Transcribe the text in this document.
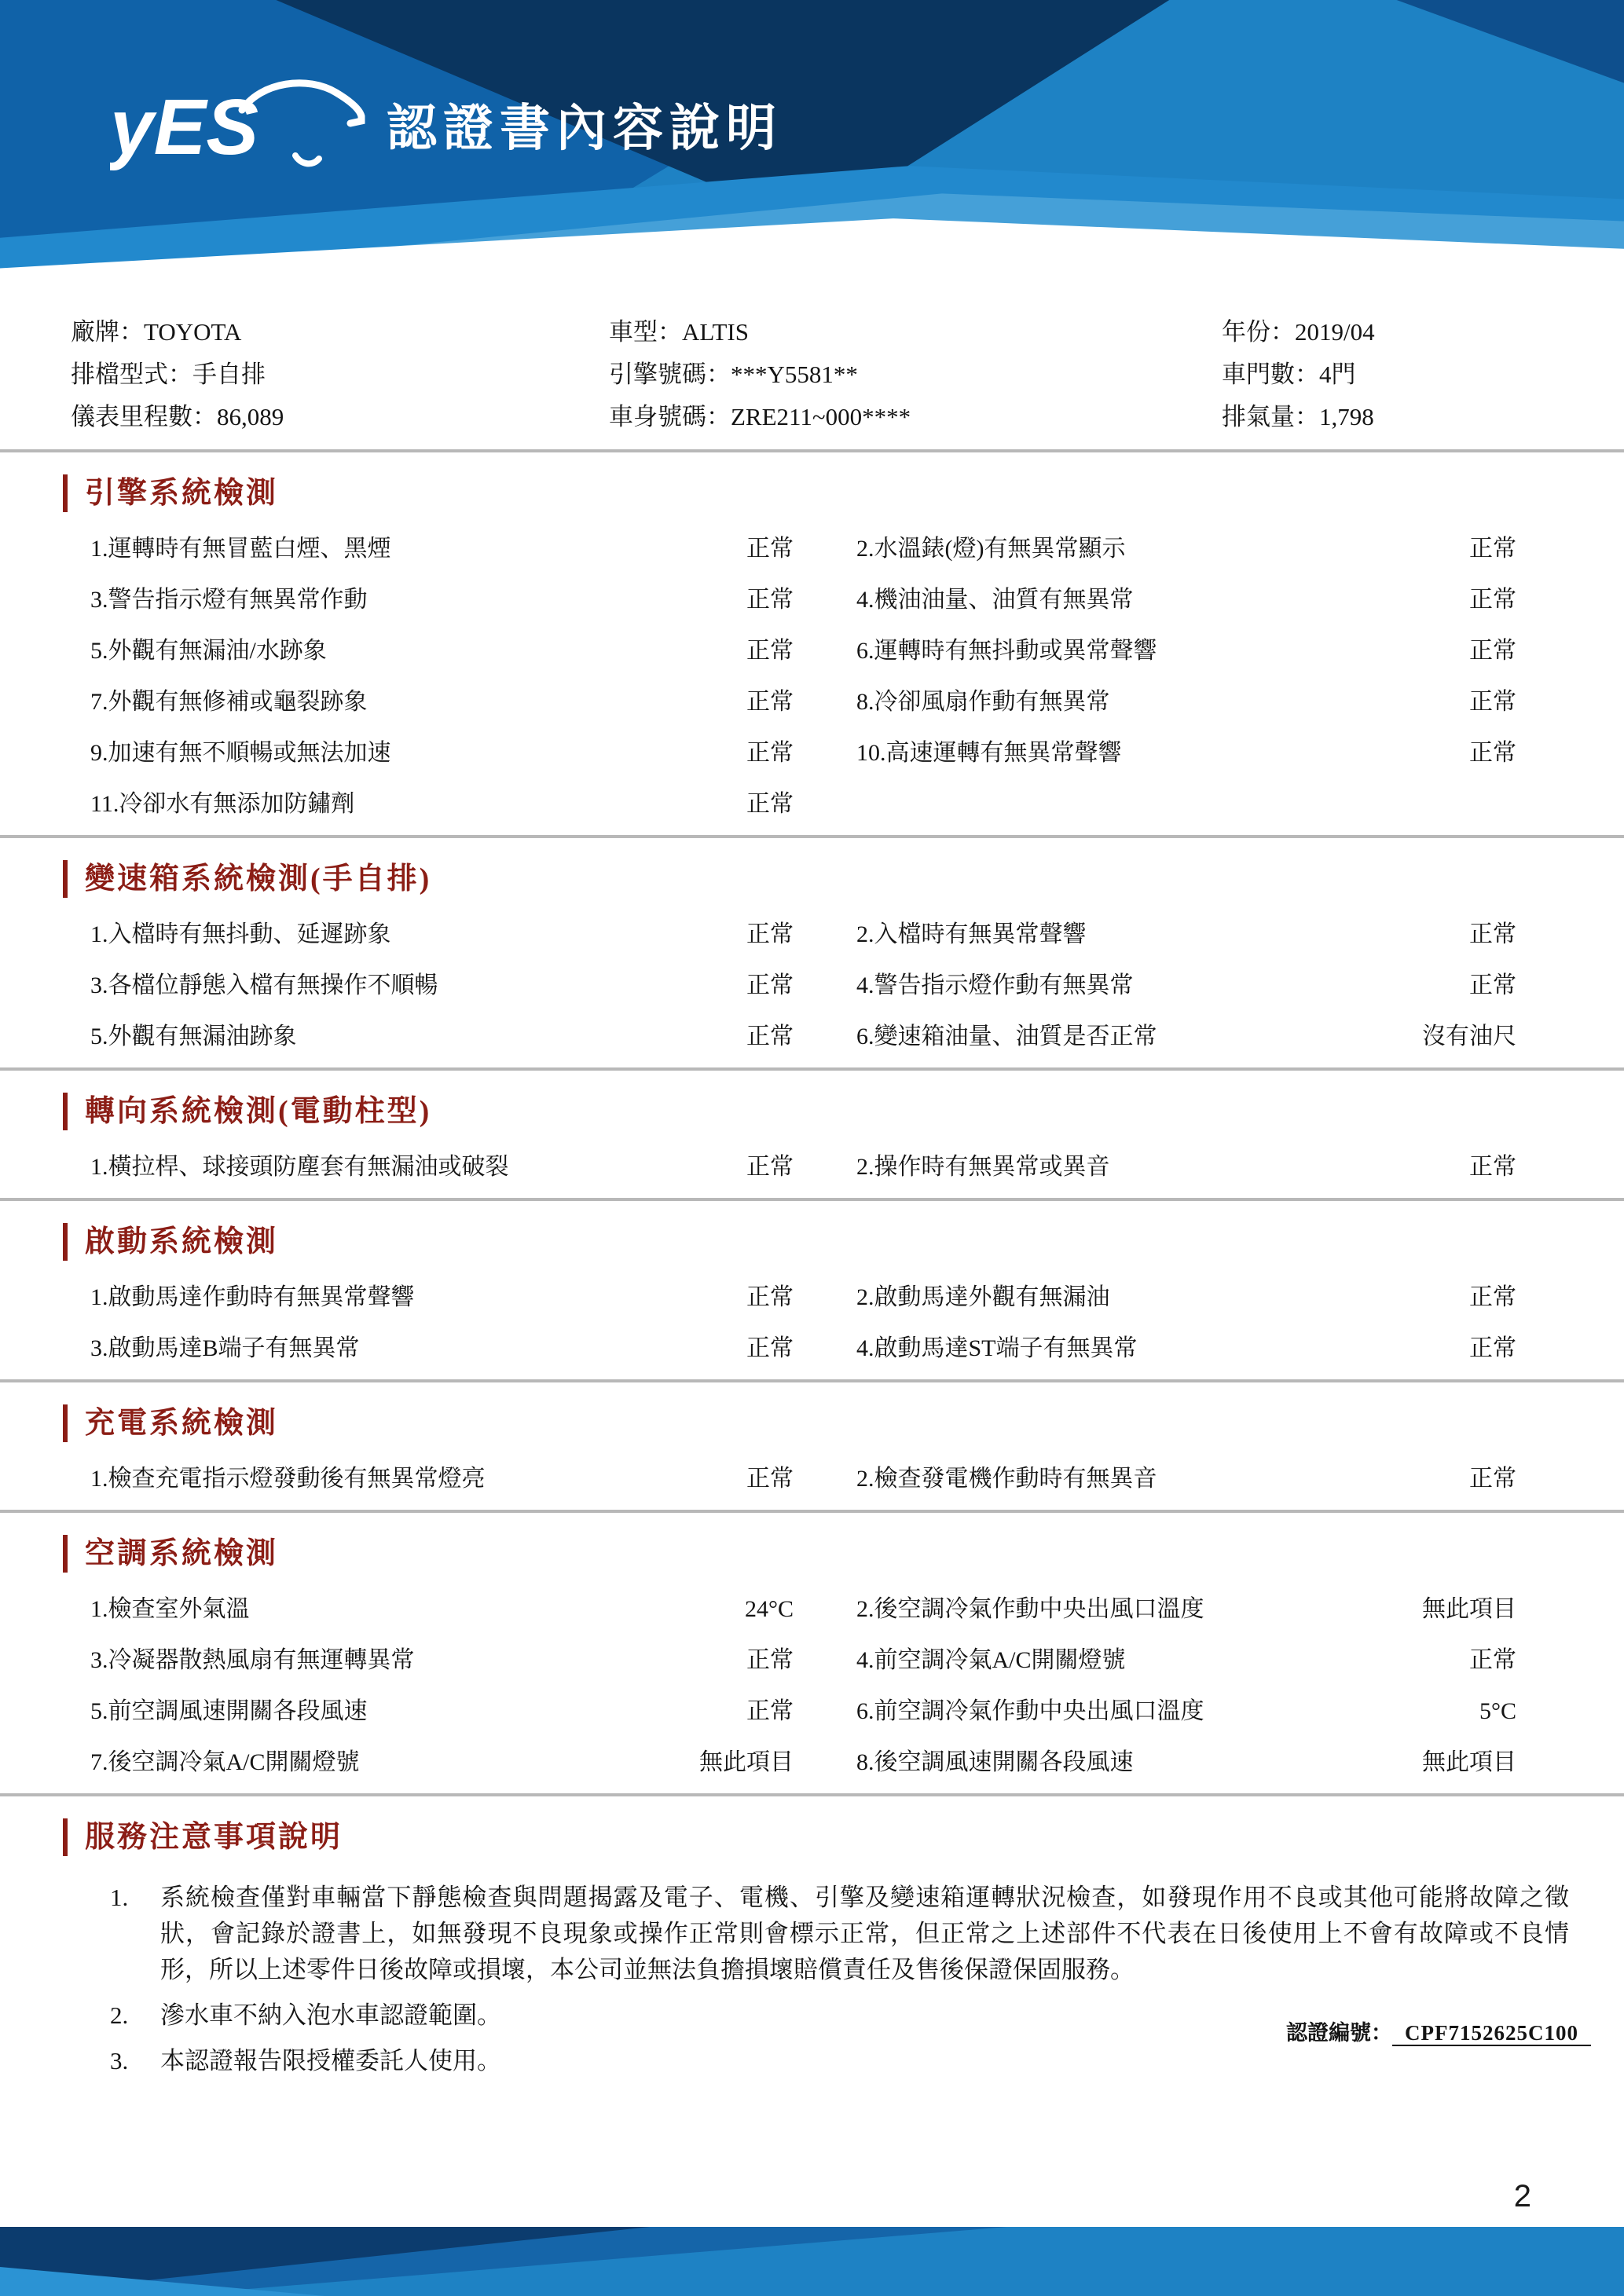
yES	認證書內容說明
廠牌：TOYOTA	車型：ALTIS	年份：2019/04
排檔型式：手自排	引擎號碼：***Y5581**	車門數：4門
儀表里程數：86,089	車身號碼：ZRE211~000****	排氣量：1,798
引擎系統檢測
1.運轉時有無冒藍白煙、黑煙	正常	2.水溫錶(燈)有無異常顯示	正常
3.警告指示燈有無異常作動	正常	4.機油油量、油質有無異常	正常
5.外觀有無漏油/水跡象	正常	6.運轉時有無抖動或異常聲響	正常
7.外觀有無修補或龜裂跡象	正常	8.冷卻風扇作動有無異常	正常
9.加速有無不順暢或無法加速	正常	10.高速運轉有無異常聲響	正常
11.冷卻水有無添加防鏽劑	正常
變速箱系統檢測(手自排)
1.入檔時有無抖動、延遲跡象	正常	2.入檔時有無異常聲響	正常
3.各檔位靜態入檔有無操作不順暢	正常	4.警告指示燈作動有無異常	正常
5.外觀有無漏油跡象	正常	6.變速箱油量、油質是否正常	沒有油尺
轉向系統檢測(電動柱型)
1.橫拉桿、球接頭防塵套有無漏油或破裂	正常	2.操作時有無異常或異音	正常
啟動系統檢測
1.啟動馬達作動時有無異常聲響	正常	2.啟動馬達外觀有無漏油	正常
3.啟動馬達B端子有無異常	正常	4.啟動馬達ST端子有無異常	正常
充電系統檢測
1.檢查充電指示燈發動後有無異常燈亮	正常	2.檢查發電機作動時有無異音	正常
空調系統檢測
1.檢查室外氣溫	24°C	2.後空調冷氣作動中央出風口溫度	無此項目
3.冷凝器散熱風扇有無運轉異常	正常	4.前空調冷氣A/C開關燈號	正常
5.前空調風速開關各段風速	正常	6.前空調冷氣作動中央出風口溫度	5°C
7.後空調冷氣A/C開關燈號	無此項目	8.後空調風速開關各段風速	無此項目
服務注意事項說明
1.	系統檢查僅對車輛當下靜態檢查與問題揭露及電子、電機、引擎及變速箱運轉狀況檢查，如發現作用不良或其他可能將故障之徵狀，會記錄於證書上，如無發現不良現象或操作正常則會標示正常，但正常之上述部件不代表在日後使用上不會有故障或不良情形，所以上述零件日後故障或損壞，本公司並無法負擔損壞賠償責任及售後保證保固服務。
2.	滲水車不納入泡水車認證範圍。
3.	本認證報告限授權委託人使用。
認證編號： CPF7152625C100
2
